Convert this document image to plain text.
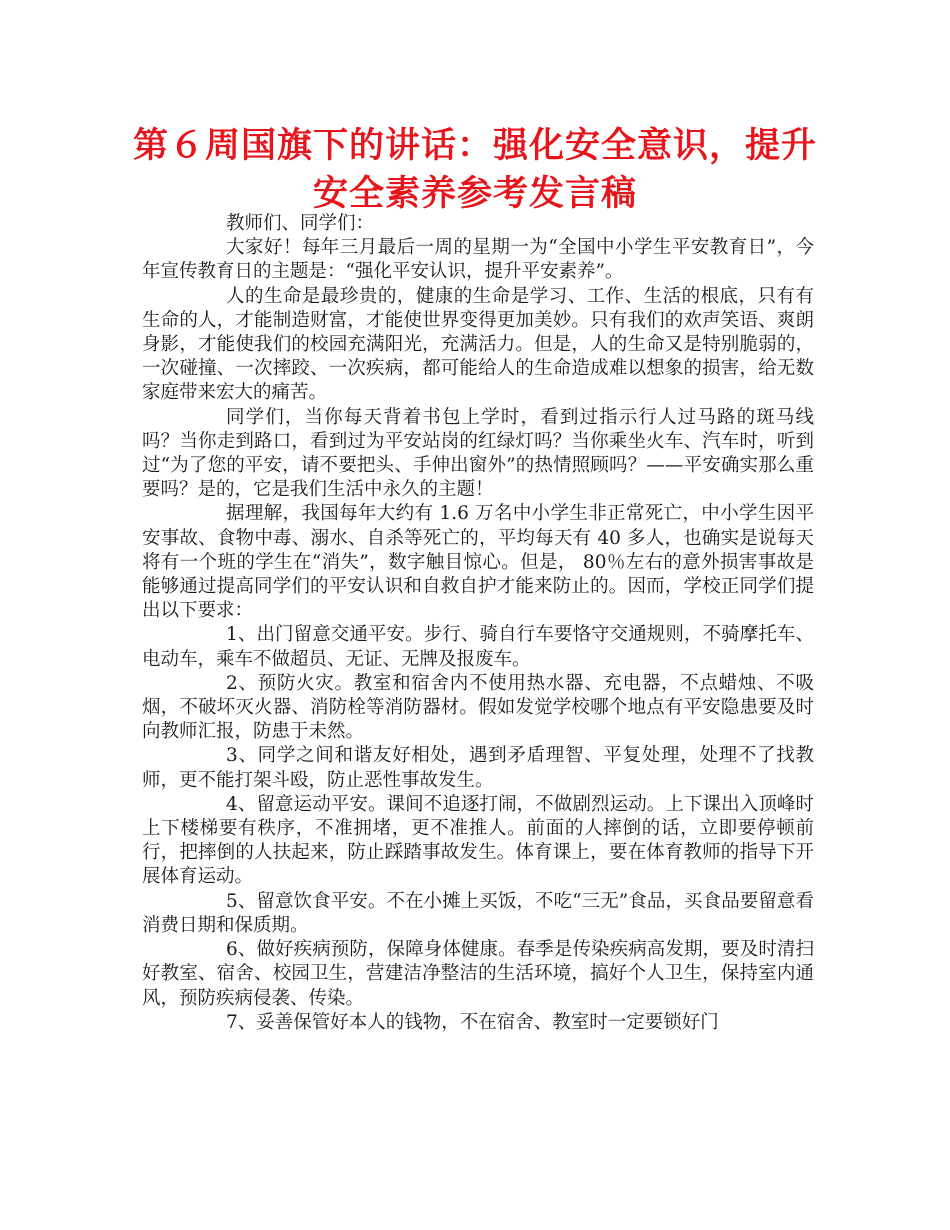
第６周国旗下的讲话：强化安全意识，提升安全素养参考发言稿

教师们、同学们：

大家好！每年三月最后一周的星期一为“全国中小学生平安教育日”，今年宣传教育日的主题是：“强化平安认识，提升平安素养”。

人的生命是最珍贵的，健康的生命是学习、工作、生活的根底，只有有生命的人，才能制造财富，才能使世界变得更加美妙。只有我们的欢声笑语、爽朗身影，才能使我们的校园充满阳光，充满活力。但是，人的生命又是特别脆弱的，一次碰撞、一次摔跤、一次疾病，都可能给人的生命造成难以想象的损害，给无数家庭带来宏大的痛苦。

同学们，当你每天背着书包上学时，看到过指示行人过马路的斑马线吗？当你走到路口，看到过为平安站岗的红绿灯吗？当你乘坐火车、汽车时，听到过“为了您的平安，请不要把头、手伸出窗外”的热情照顾吗？——平安确实那么重要吗？是的，它是我们生活中永久的主题！

据理解，我国每年大约有 1.6 万名中小学生非正常死亡，中小学生因平安事故、食物中毒、溺水、自杀等死亡的，平均每天有 40 多人，也确实是说每天将有一个班的学生在“消失”，数字触目惊心。但是， 80％左右的意外损害事故是能够通过提高同学们的平安认识和自救自护才能来防止的。因而，学校正同学们提出以下要求：

1、出门留意交通平安。步行、骑自行车要恪守交通规则，不骑摩托车、电动车，乘车不做超员、无证、无牌及报废车。

2、预防火灾。教室和宿舍内不使用热水器、充电器，不点蜡烛、不吸烟，不破坏灭火器、消防栓等消防器材。假如发觉学校哪个地点有平安隐患要及时向教师汇报，防患于未然。

3、同学之间和谐友好相处，遇到矛盾理智、平复处理，处理不了找教师，更不能打架斗殴，防止恶性事故发生。

4、留意运动平安。课间不追逐打闹，不做剧烈运动。上下课出入顶峰时上下楼梯要有秩序，不准拥堵，更不准推人。前面的人摔倒的话，立即要停顿前行，把摔倒的人扶起来，防止踩踏事故发生。体育课上，要在体育教师的指导下开展体育运动。

5、留意饮食平安。不在小摊上买饭，不吃“三无”食品，买食品要留意看消费日期和保质期。

6、做好疾病预防，保障身体健康。春季是传染疾病高发期，要及时清扫好教室、宿舍、校园卫生，营建洁净整洁的生活环境，搞好个人卫生，保持室内通风，预防疾病侵袭、传染。

7、妥善保管好本人的钱物，不在宿舍、教室时一定要锁好门
